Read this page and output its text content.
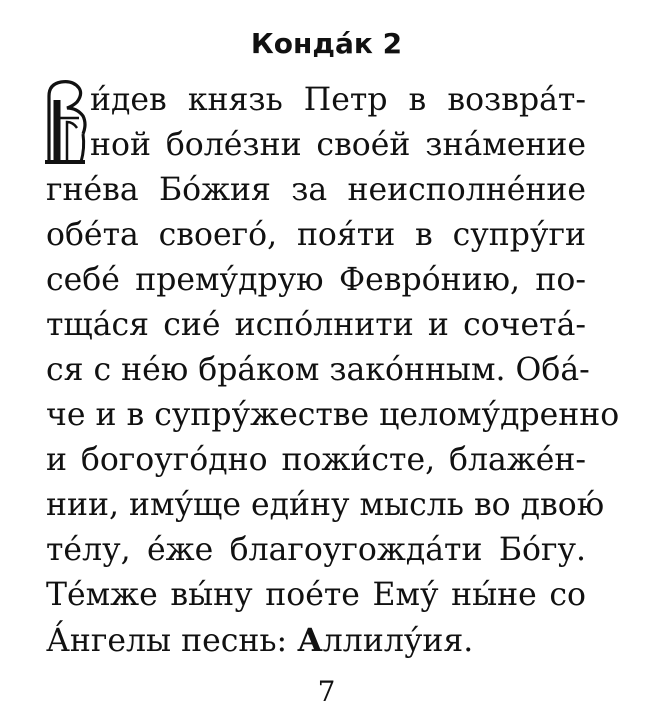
Конда́к 2
и́дев князь Петр в возвра́т-
ной боле́зни свое́й зна́мение
гне́ва Бо́жия за неисполне́ние
обе́та своего́, поя́ти в супру́ги
себе́ прему́друю Февро́нию, по-
тща́ся сие́ испо́лнити и сочета́-
ся с не́ю бра́ком зако́нным. Оба́-
че и в супру́жестве целому́дренно
и богоуго́дно пожи́сте, блаже́н-
нии, иму́ще еди́ну мысль во двою́
те́лу, е́же благоугожда́ти Бо́гу.
Те́мже вы́ну пое́те Ему́ ны́не со
А́нгелы песнь: Аллилу́ия.
7
